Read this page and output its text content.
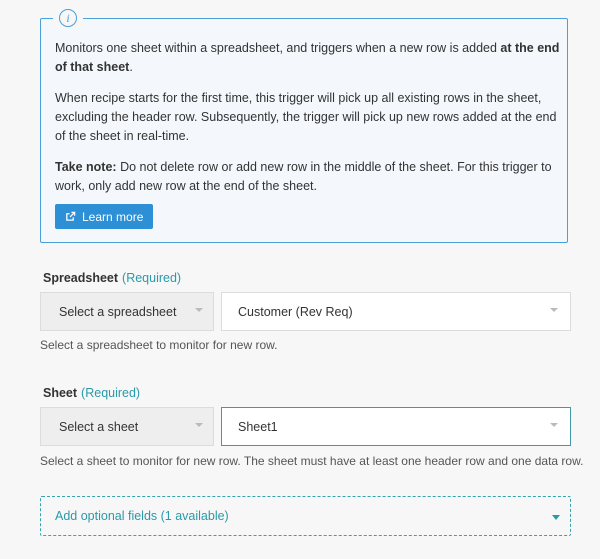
i

Monitors one sheet within a spreadsheet, and triggers when a new row is added at the end of that sheet.

When recipe starts for the first time, this trigger will pick up all existing rows in the sheet, excluding the header row. Subsequently, the trigger will pick up new rows added at the end of the sheet in real-time.

Take note: Do not delete row or add new row in the middle of the sheet. For this trigger to work, only add new row at the end of the sheet.

Learn more
Spreadsheet (Required)
Select a spreadsheet	Customer (Rev Req)
Select a spreadsheet to monitor for new row.
Sheet (Required)
Select a sheet	Sheet1
Select a sheet to monitor for new row. The sheet must have at least one header row and one data row.
Add optional fields (1 available)
